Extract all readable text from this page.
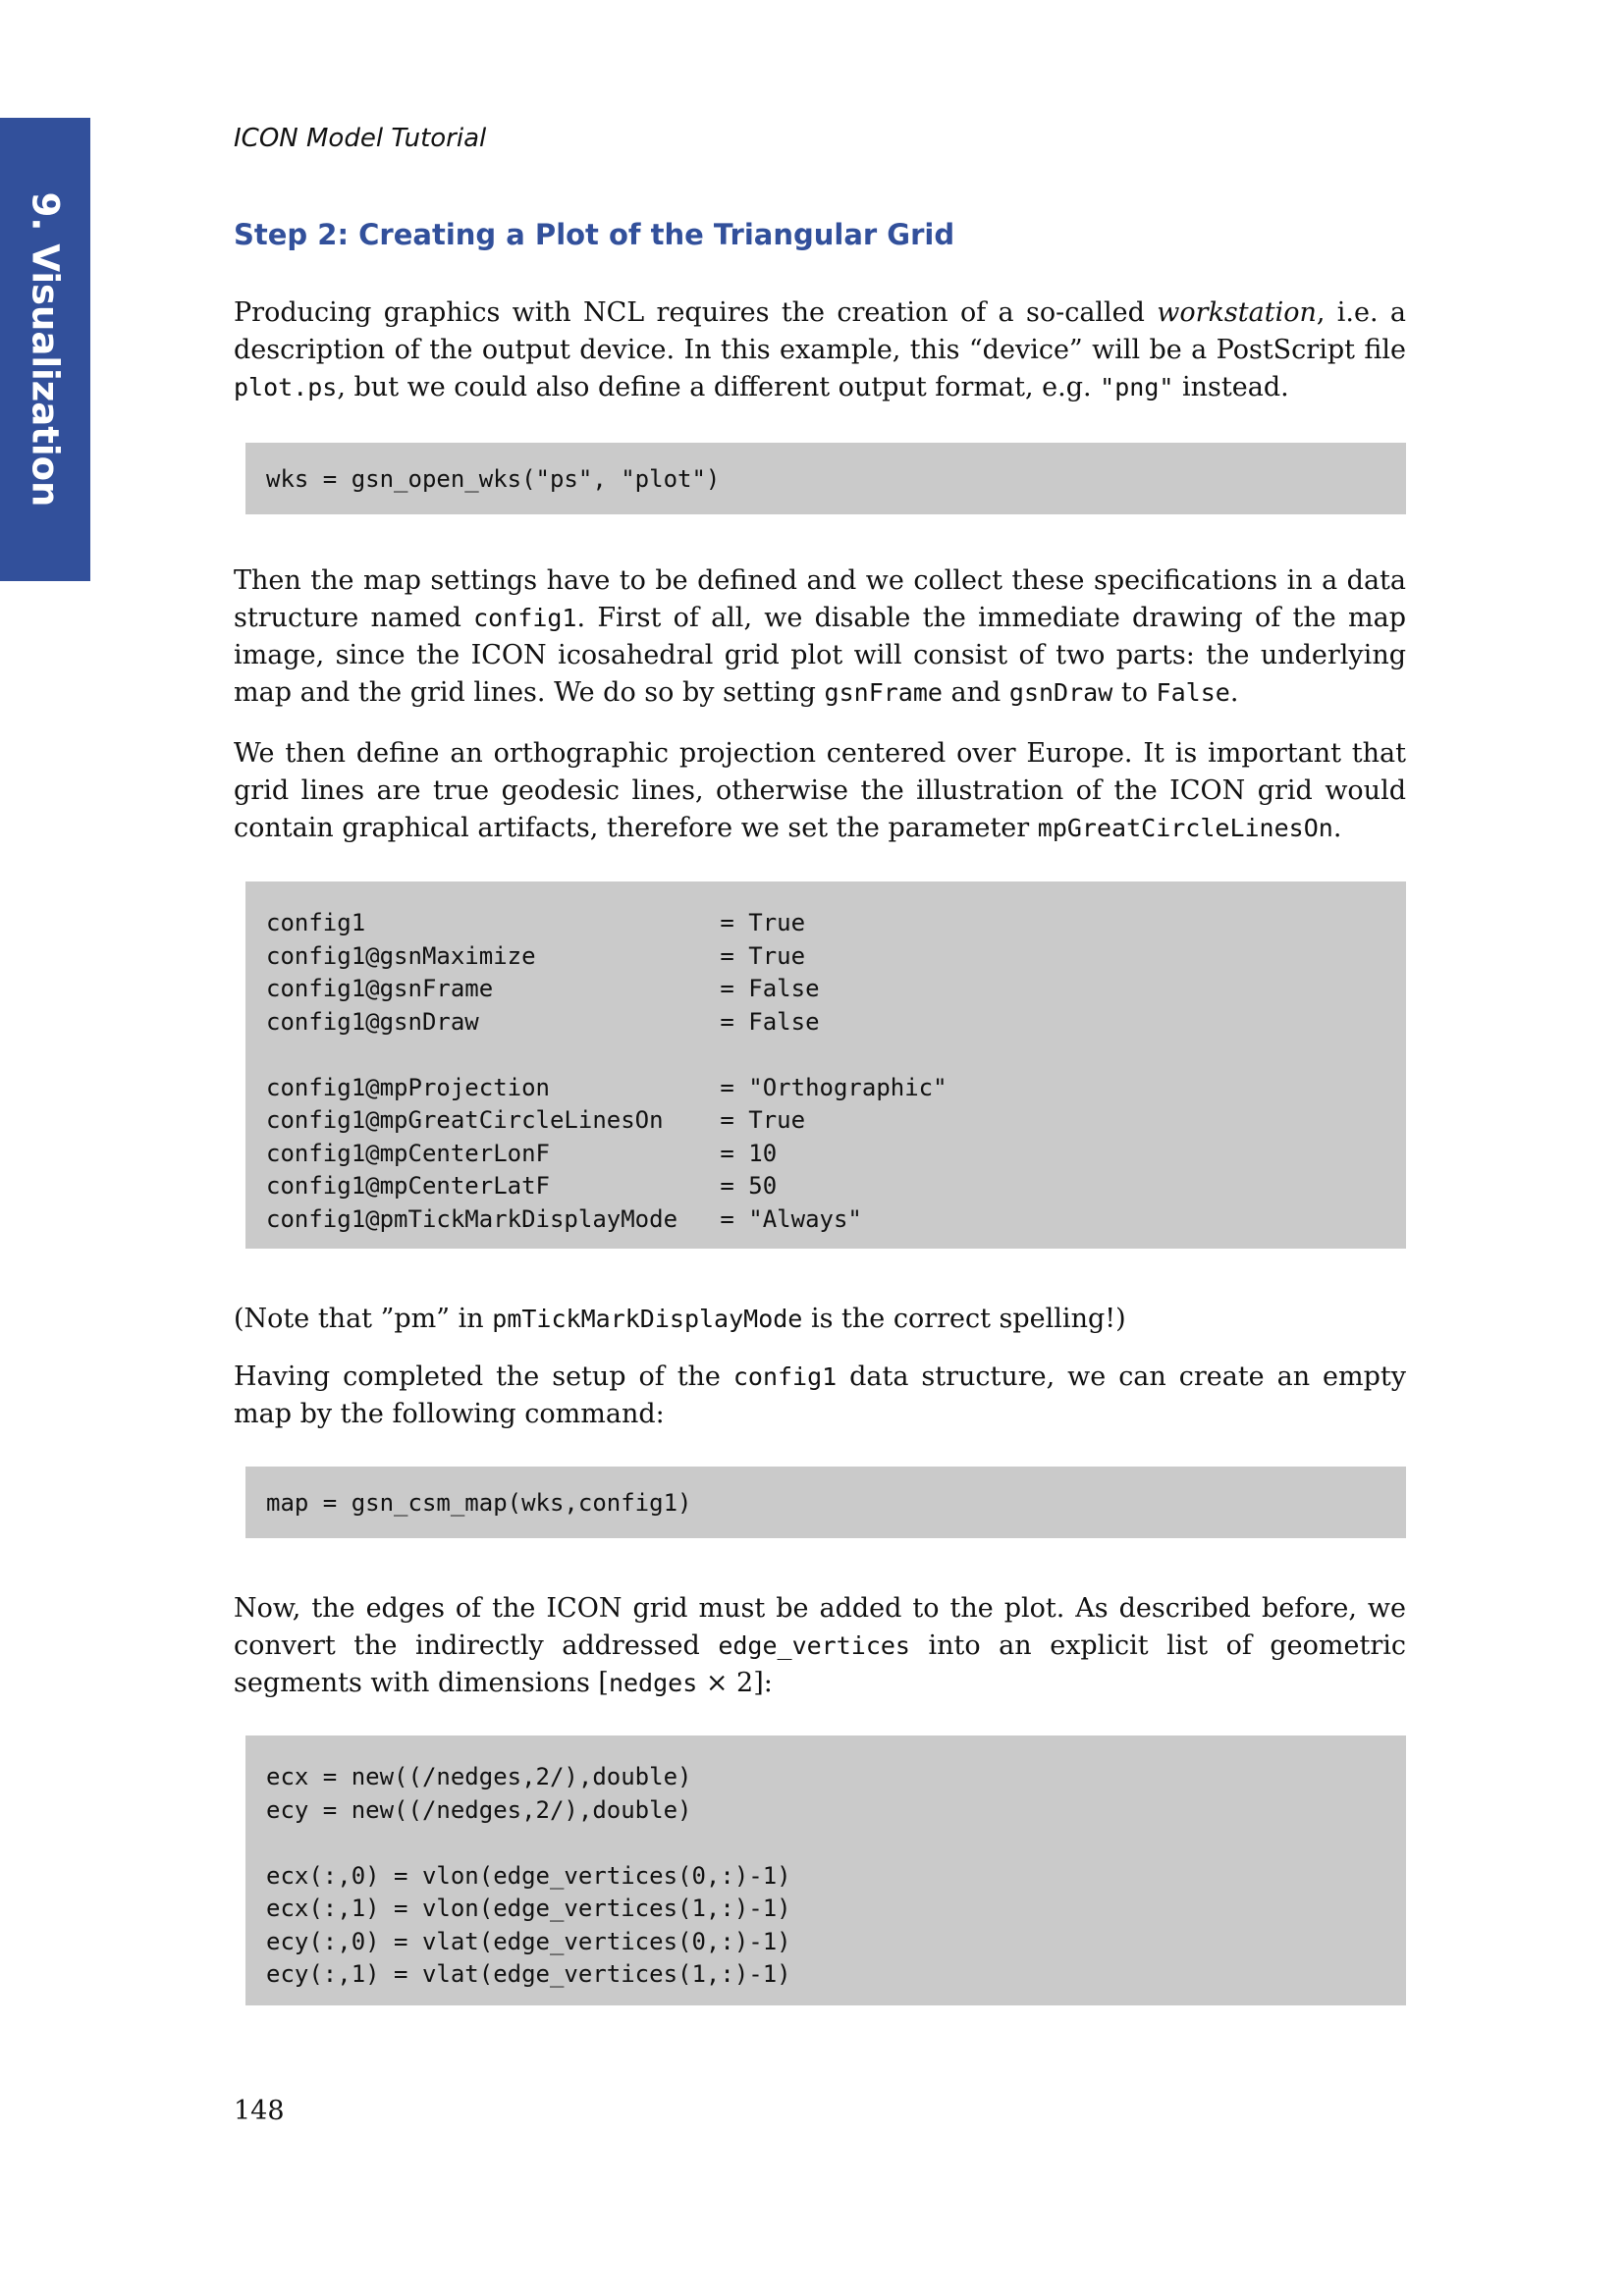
9. Visualization

ICON Model Tutorial

Step 2: Creating a Plot of the Triangular Grid

Producing graphics with NCL requires the creation of a so-called workstation, i.e. a description of the output device. In this example, this “device” will be a PostScript file plot.ps, but we could also define a different output format, e.g. "png" instead.

wks = gsn_open_wks("ps", "plot")

Then the map settings have to be defined and we collect these specifications in a data structure named config1. First of all, we disable the immediate drawing of the map image, since the ICON icosahedral grid plot will consist of two parts: the underlying map and the grid lines. We do so by setting gsnFrame and gsnDraw to False.

We then define an orthographic projection centered over Europe. It is important that grid lines are true geodesic lines, otherwise the illustration of the ICON grid would contain graphical artifacts, therefore we set the parameter mpGreatCircleLinesOn.

config1                         = True
config1@gsnMaximize             = True
config1@gsnFrame                = False
config1@gsnDraw                 = False

config1@mpProjection            = "Orthographic"
config1@mpGreatCircleLinesOn    = True
config1@mpCenterLonF            = 10
config1@mpCenterLatF            = 50
config1@pmTickMarkDisplayMode   = "Always"

(Note that ”pm” in pmTickMarkDisplayMode is the correct spelling!)

Having completed the setup of the config1 data structure, we can create an empty map by the following command:

map = gsn_csm_map(wks,config1)

Now, the edges of the ICON grid must be added to the plot. As described before, we convert the indirectly addressed edge_vertices into an explicit list of geometric segments with dimensions [nedges × 2]:

ecx = new((/nedges,2/),double)
ecy = new((/nedges,2/),double)

ecx(:,0) = vlon(edge_vertices(0,:)-1)
ecx(:,1) = vlon(edge_vertices(1,:)-1)
ecy(:,0) = vlat(edge_vertices(0,:)-1)
ecy(:,1) = vlat(edge_vertices(1,:)-1)

148
